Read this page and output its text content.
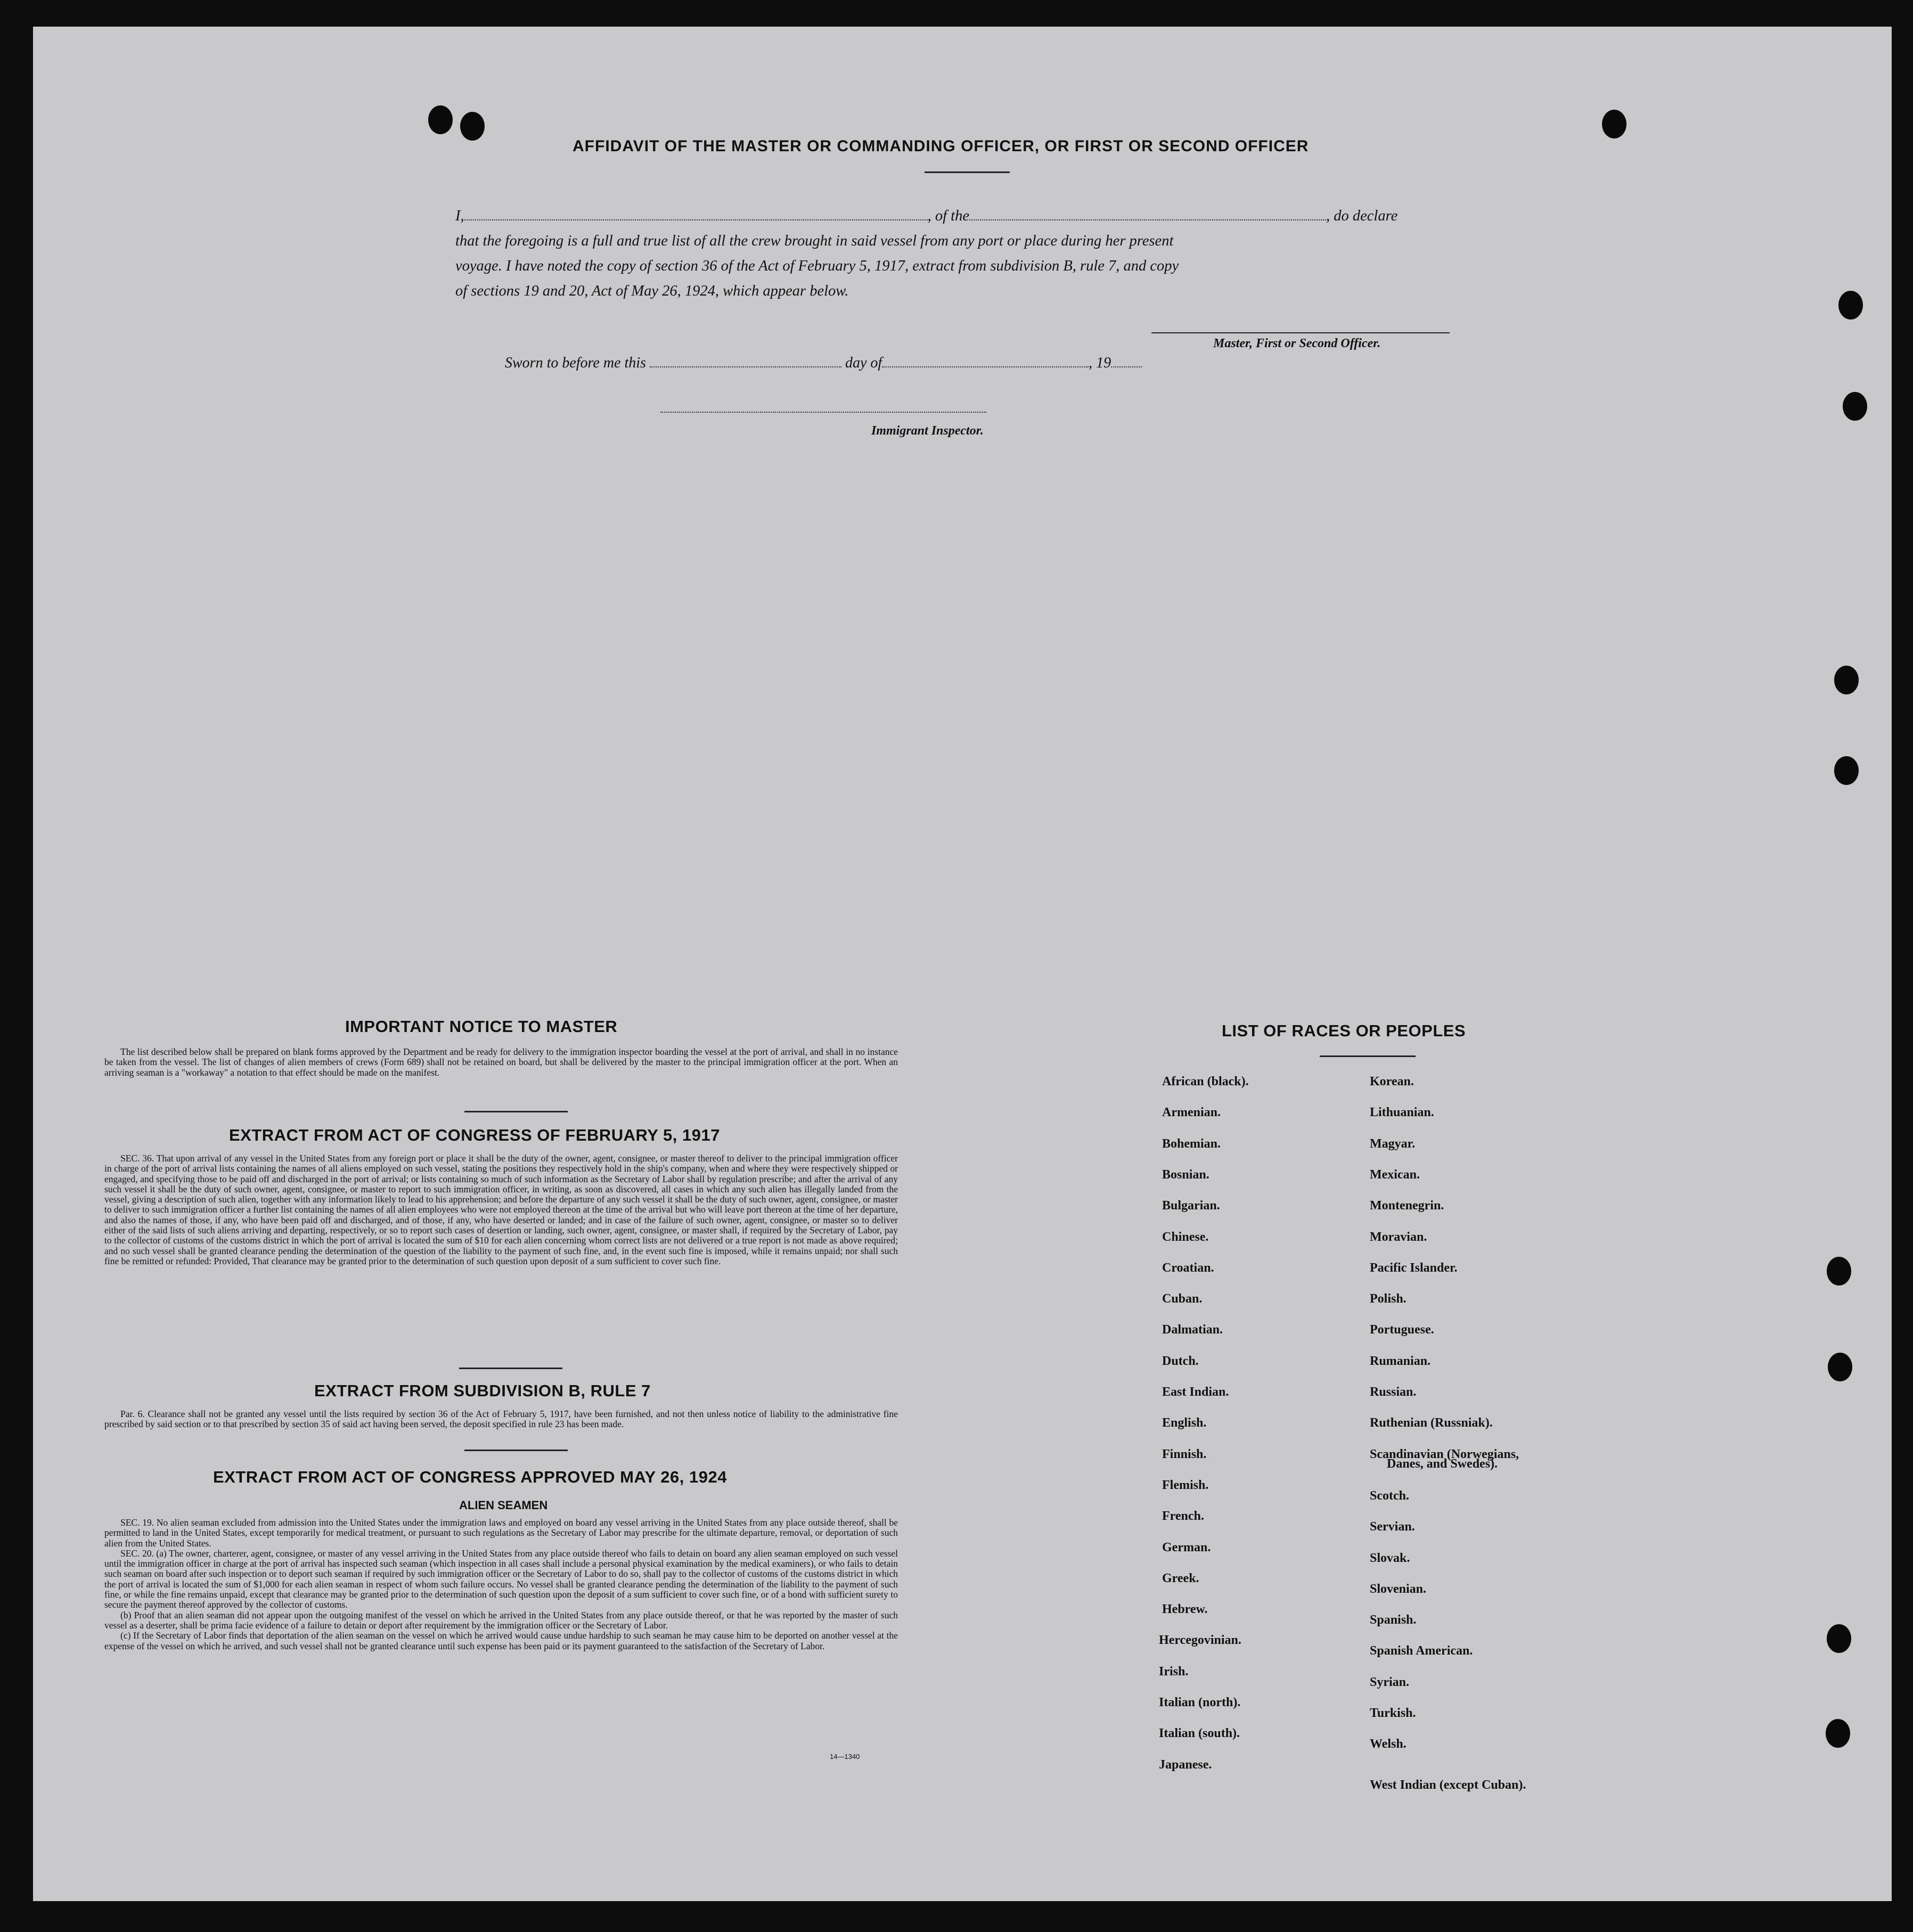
AFFIDAVIT OF THE MASTER OR COMMANDING OFFICER, OR FIRST OR SECOND OFFICER
I,	, of the	, do declare
that the foregoing is a full and true list of all the crew brought in said vessel from any port or place during her present
voyage. I have noted the copy of section 36 of the Act of February 5, 1917, extract from subdivision B, rule 7, and copy
of sections 19 and 20, Act of May 26, 1924, which appear below.
Master, First or Second Officer.
Sworn to before me this	day of	, 19
Immigrant Inspector.
IMPORTANT NOTICE TO MASTER

The list described below shall be prepared on blank forms approved by the Department and be ready for delivery to the immigration inspector boarding the vessel at the port of arrival, and shall in no instance be taken from the vessel. The list of changes of alien members of crews (Form 689) shall not be retained on board, but shall be delivered by the master to the principal immigration officer at the port. When an arriving seaman is a "workaway" a notation to that effect should be made on the manifest.

EXTRACT FROM ACT OF CONGRESS OF FEBRUARY 5, 1917

SEC. 36. That upon arrival of any vessel in the United States from any foreign port or place it shall be the duty of the owner, agent, consignee, or master thereof to deliver to the principal immigration officer in charge of the port of arrival lists containing the names of all aliens employed on such vessel, stating the positions they respectively hold in the ship's company, when and where they were respectively shipped or engaged, and specifying those to be paid off and discharged in the port of arrival; or lists containing so much of such information as the Secretary of Labor shall by regulation prescribe; and after the arrival of any such vessel it shall be the duty of such owner, agent, consignee, or master to report to such immigration officer, in writing, as soon as discovered, all cases in which any such alien has illegally landed from the vessel, giving a description of such alien, together with any information likely to lead to his apprehension; and before the departure of any such vessel it shall be the duty of such owner, agent, consignee, or master to deliver to such immigration officer a further list containing the names of all alien employees who were not employed thereon at the time of the arrival but who will leave port thereon at the time of her departure, and also the names of those, if any, who have been paid off and discharged, and of those, if any, who have deserted or landed; and in case of the failure of such owner, agent, consignee, or master so to deliver either of the said lists of such aliens arriving and departing, respectively, or so to report such cases of desertion or landing, such owner, agent, consignee, or master shall, if required by the Secretary of Labor, pay to the collector of customs of the customs district in which the port of arrival is located the sum of $10 for each alien concerning whom correct lists are not delivered or a true report is not made as above required; and no such vessel shall be granted clearance pending the determination of the question of the liability to the payment of such fine, and, in the event such fine is imposed, while it remains unpaid; nor shall such fine be remitted or refunded: Provided, That clearance may be granted prior to the determination of such question upon deposit of a sum sufficient to cover such fine.

EXTRACT FROM SUBDIVISION B, RULE 7

Par. 6. Clearance shall not be granted any vessel until the lists required by section 36 of the Act of February 5, 1917, have been furnished, and not then unless notice of liability to the administrative fine prescribed by said section or to that prescribed by section 35 of said act having been served, the deposit specified in rule 23 has been made.

EXTRACT FROM ACT OF CONGRESS APPROVED MAY 26, 1924
ALIEN SEAMEN

SEC. 19. No alien seaman excluded from admission into the United States under the immigration laws and employed on board any vessel arriving in the United States from any place outside thereof, shall be permitted to land in the United States, except temporarily for medical treatment, or pursuant to such regulations as the Secretary of Labor may prescribe for the ultimate departure, removal, or deportation of such alien from the United States.

SEC. 20. (a) The owner, charterer, agent, consignee, or master of any vessel arriving in the United States from any place outside thereof who fails to detain on board any alien seaman employed on such vessel until the immigration officer in charge at the port of arrival has inspected such seaman (which inspection in all cases shall include a personal physical examination by the medical examiners), or who fails to detain such seaman on board after such inspection or to deport such seaman if required by such immigration officer or the Secretary of Labor to do so, shall pay to the collector of customs of the customs district in which the port of arrival is located the sum of $1,000 for each alien seaman in respect of whom such failure occurs. No vessel shall be granted clearance pending the determination of the liability to the payment of such fine, or while the fine remains unpaid, except that clearance may be granted prior to the determination of such question upon the deposit of a sum sufficient to cover such fine, or of a bond with sufficient surety to secure the payment thereof approved by the collector of customs.

(b) Proof that an alien seaman did not appear upon the outgoing manifest of the vessel on which he arrived in the United States from any place outside thereof, or that he was reported by the master of such vessel as a deserter, shall be prima facie evidence of a failure to detain or deport after requirement by the immigration officer or the Secretary of Labor.

(c) If the Secretary of Labor finds that deportation of the alien seaman on the vessel on which he arrived would cause undue hardship to such seaman he may cause him to be deported on another vessel at the expense of the vessel on which he arrived, and such vessel shall not be granted clearance until such expense has been paid or its payment guaranteed to the satisfaction of the Secretary of Labor.

14—1340
LIST OF RACES OR PEOPLES
African (black).
Armenian.
Bohemian.
Bosnian.
Bulgarian.
Chinese.
Croatian.
Cuban.
Dalmatian.
Dutch.
East Indian.
English.
Finnish.
Flemish.
French.
German.
Greek.
Hebrew.
Hercegovinian.
Irish.
Italian (north).
Italian (south).
Japanese.
Korean.
Lithuanian.
Magyar.
Mexican.
Montenegrin.
Moravian.
Pacific Islander.
Polish.
Portuguese.
Rumanian.
Russian.
Ruthenian (Russniak).
Scandinavian (Norwegians,
Scotch.
Servian.
Slovak.
Slovenian.
Spanish.
Spanish American.
Syrian.
Turkish.
Welsh.
West Indian (except Cuban).
Danes, and Swedes).
